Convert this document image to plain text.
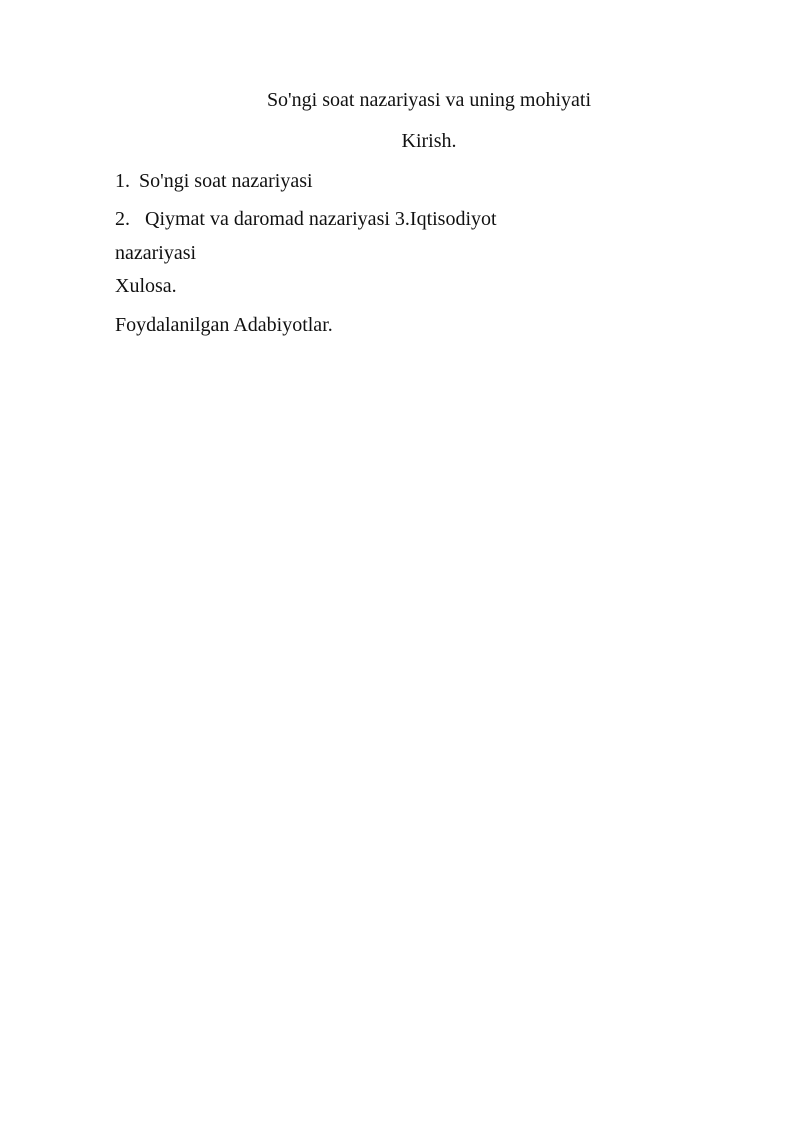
So'ngi soat nazariyasi va uning mohiyati
Kirish.
1. So'ngi soat nazariyasi
2. Qiymat va daromad nazariyasi 3.Iqtisodiyot
nazariyasi
Xulosa.
Foydalanilgan Adabiyotlar.
